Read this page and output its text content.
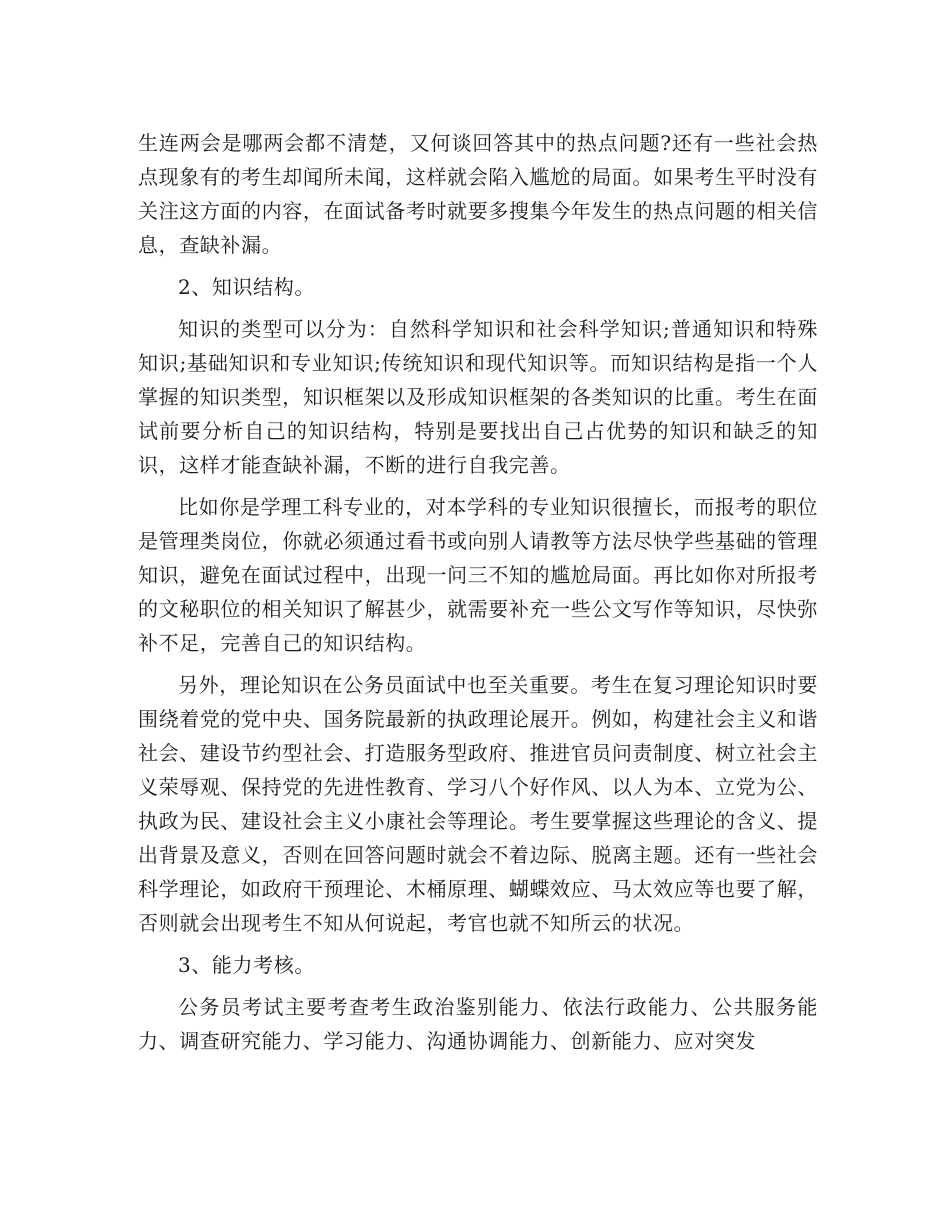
生连两会是哪两会都不清楚，又何谈回答其中的热点问题?还有一些社会热点现象有的考生却闻所未闻，这样就会陷入尴尬的局面。如果考生平时没有关注这方面的内容，在面试备考时就要多搜集今年发生的热点问题的相关信息，查缺补漏。

2、知识结构。

知识的类型可以分为：自然科学知识和社会科学知识;普通知识和特殊知识;基础知识和专业知识;传统知识和现代知识等。而知识结构是指一个人掌握的知识类型，知识框架以及形成知识框架的各类知识的比重。考生在面试前要分析自己的知识结构，特别是要找出自己占优势的知识和缺乏的知识，这样才能查缺补漏，不断的进行自我完善。

比如你是学理工科专业的，对本学科的专业知识很擅长，而报考的职位是管理类岗位，你就必须通过看书或向别人请教等方法尽快学些基础的管理知识，避免在面试过程中，出现一问三不知的尴尬局面。再比如你对所报考的文秘职位的相关知识了解甚少，就需要补充一些公文写作等知识，尽快弥补不足，完善自己的知识结构。

另外，理论知识在公务员面试中也至关重要。考生在复习理论知识时要围绕着党的党中央、国务院最新的执政理论展开。例如，构建社会主义和谐社会、建设节约型社会、打造服务型政府、推进官员问责制度、树立社会主义荣辱观、保持党的先进性教育、学习八个好作风、以人为本、立党为公、执政为民、建设社会主义小康社会等理论。考生要掌握这些理论的含义、提出背景及意义，否则在回答问题时就会不着边际、脱离主题。还有一些社会科学理论，如政府干预理论、木桶原理、蝴蝶效应、马太效应等也要了解，否则就会出现考生不知从何说起，考官也就不知所云的状况。

3、能力考核。

公务员考试主要考查考生政治鉴别能力、依法行政能力、公共服务能力、调查研究能力、学习能力、沟通协调能力、创新能力、应对突发
